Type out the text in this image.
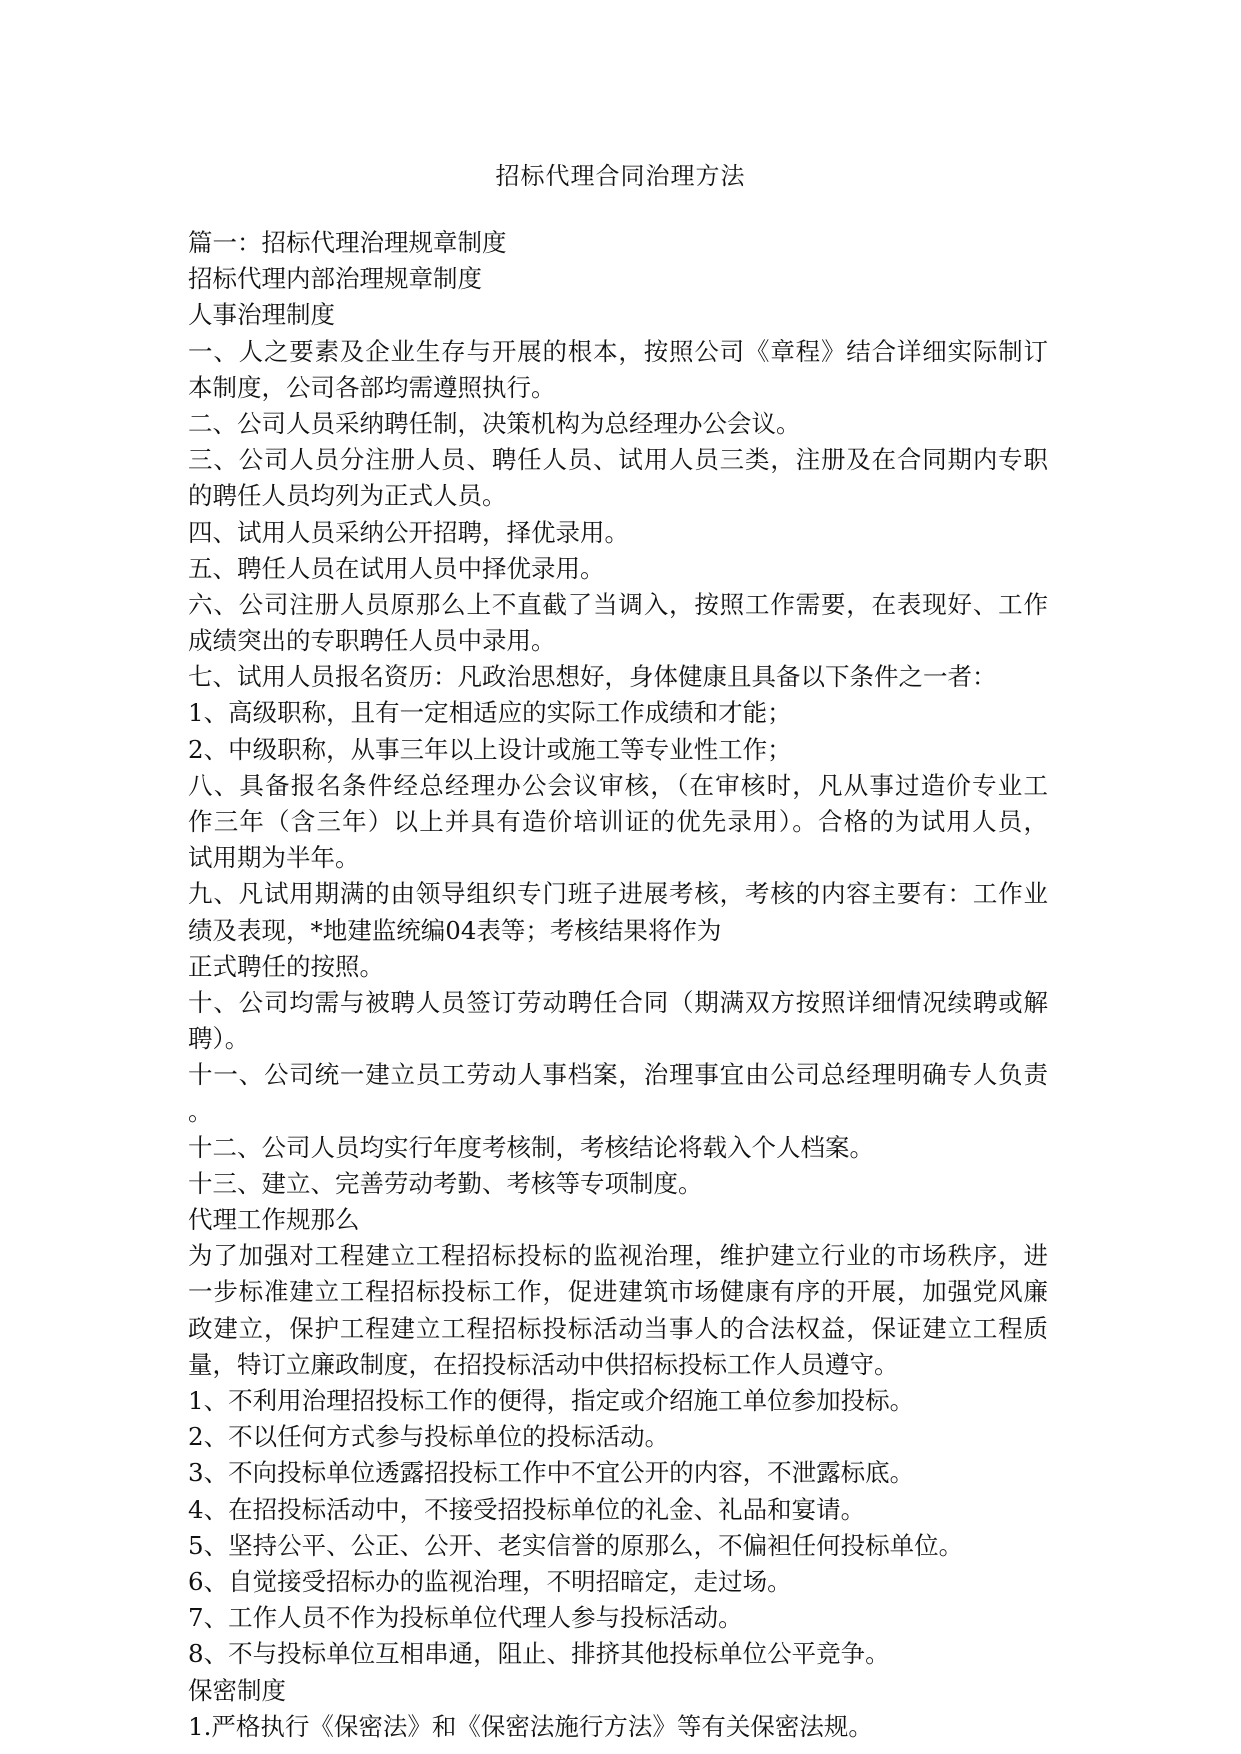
招标代理合同治理方法
篇一：招标代理治理规章制度
招标代理内部治理规章制度
人事治理制度
一、人之要素及企业生存与开展的根本，按照公司《章程》结合详细实际制订
本制度，公司各部均需遵照执行。
二、公司人员采纳聘任制，决策机构为总经理办公会议。
三、公司人员分注册人员、聘任人员、试用人员三类，注册及在合同期内专职
的聘任人员均列为正式人员。
四、试用人员采纳公开招聘，择优录用。
五、聘任人员在试用人员中择优录用。
六、公司注册人员原那么上不直截了当调入，按照工作需要，在表现好、工作
成绩突出的专职聘任人员中录用。
七、试用人员报名资历：凡政治思想好，身体健康且具备以下条件之一者：
1、高级职称，且有一定相适应的实际工作成绩和才能；
2、中级职称，从事三年以上设计或施工等专业性工作；
八、具备报名条件经总经理办公会议审核，（在审核时，凡从事过造价专业工
作三年（含三年）以上并具有造价培训证的优先录用）。合格的为试用人员，
试用期为半年。
九、凡试用期满的由领导组织专门班子进展考核，考核的内容主要有：工作业
绩及表现，*地建监统编04表等；考核结果将作为
正式聘任的按照。
十、公司均需与被聘人员签订劳动聘任合同（期满双方按照详细情况续聘或解
聘）。
十一、公司统一建立员工劳动人事档案，治理事宜由公司总经理明确专人负责
。
十二、公司人员均实行年度考核制，考核结论将载入个人档案。
十三、建立、完善劳动考勤、考核等专项制度。
代理工作规那么
为了加强对工程建立工程招标投标的监视治理，维护建立行业的市场秩序，进
一步标准建立工程招标投标工作，促进建筑市场健康有序的开展，加强党风廉
政建立，保护工程建立工程招标投标活动当事人的合法权益，保证建立工程质
量，特订立廉政制度，在招投标活动中供招标投标工作人员遵守。
1、不利用治理招投标工作的便得，指定或介绍施工单位参加投标。
2、不以任何方式参与投标单位的投标活动。
3、不向投标单位透露招投标工作中不宜公开的内容，不泄露标底。
4、在招投标活动中，不接受招投标单位的礼金、礼品和宴请。
5、坚持公平、公正、公开、老实信誉的原那么，不偏袒任何投标单位。
6、自觉接受招标办的监视治理，不明招暗定，走过场。
7、工作人员不作为投标单位代理人参与投标活动。
8、不与投标单位互相串通，阻止、排挤其他投标单位公平竞争。
保密制度
1.严格执行《保密法》和《保密法施行方法》等有关保密法规。
